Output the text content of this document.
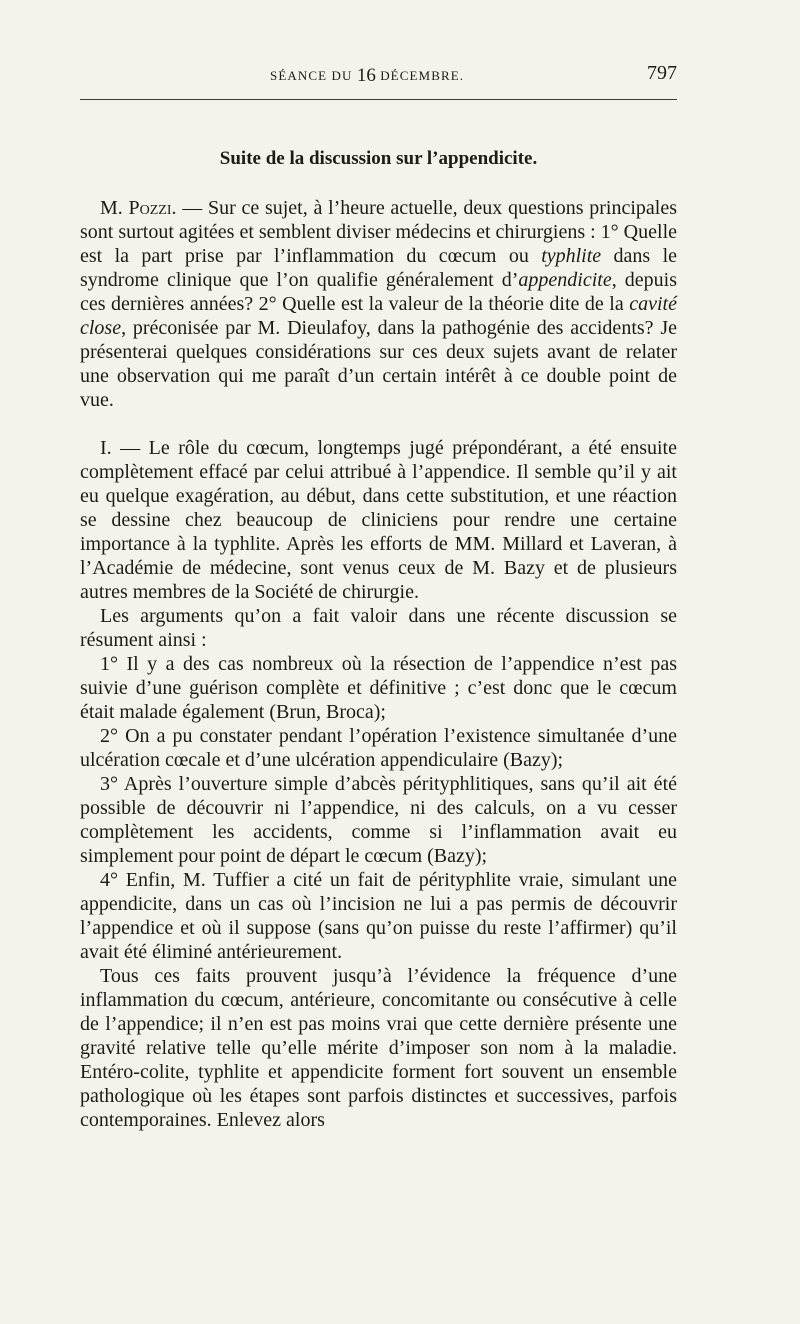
SÉANCE DU 16 DÉCEMBRE.	797
Suite de la discussion sur l’appendicite.

M. Pozzi. — Sur ce sujet, à l’heure actuelle, deux questions principales sont surtout agitées et semblent diviser médecins et chirurgiens : 1° Quelle est la part prise par l’inflammation du cœcum ou typhlite dans le syndrome clinique que l’on qualifie généralement d’appendicite, depuis ces dernières années? 2° Quelle est la valeur de la théorie dite de la cavité close, préconisée par M. Dieulafoy, dans la pathogénie des accidents? Je présenterai quelques considérations sur ces deux sujets avant de relater une observation qui me paraît d’un certain intérêt à ce double point de vue.

I. — Le rôle du cœcum, longtemps jugé prépondérant, a été ensuite complètement effacé par celui attribué à l’appendice. Il semble qu’il y ait eu quelque exagération, au début, dans cette substitution, et une réaction se dessine chez beaucoup de cliniciens pour rendre une certaine importance à la typhlite. Après les efforts de MM. Millard et Laveran, à l’Académie de médecine, sont venus ceux de M. Bazy et de plusieurs autres membres de la Société de chirurgie.

Les arguments qu’on a fait valoir dans une récente discussion se résument ainsi :

1° Il y a des cas nombreux où la résection de l’appendice n’est pas suivie d’une guérison complète et définitive ; c’est donc que le cœcum était malade également (Brun, Broca);

2° On a pu constater pendant l’opération l’existence simultanée d’une ulcération cœcale et d’une ulcération appendiculaire (Bazy);

3° Après l’ouverture simple d’abcès pérityphlitiques, sans qu’il ait été possible de découvrir ni l’appendice, ni des calculs, on a vu cesser complètement les accidents, comme si l’inflammation avait eu simplement pour point de départ le cœcum (Bazy);

4° Enfin, M. Tuffier a cité un fait de pérityphlite vraie, simulant une appendicite, dans un cas où l’incision ne lui a pas permis de découvrir l’appendice et où il suppose (sans qu’on puisse du reste l’affirmer) qu’il avait été éliminé antérieurement.

Tous ces faits prouvent jusqu’à l’évidence la fréquence d’une inflammation du cœcum, antérieure, concomitante ou consécutive à celle de l’appendice; il n’en est pas moins vrai que cette dernière présente une gravité relative telle qu’elle mérite d’imposer son nom à la maladie. Entéro-colite, typhlite et appendicite forment fort souvent un ensemble pathologique où les étapes sont parfois distinctes et successives, parfois contemporaines. Enlevez alors
